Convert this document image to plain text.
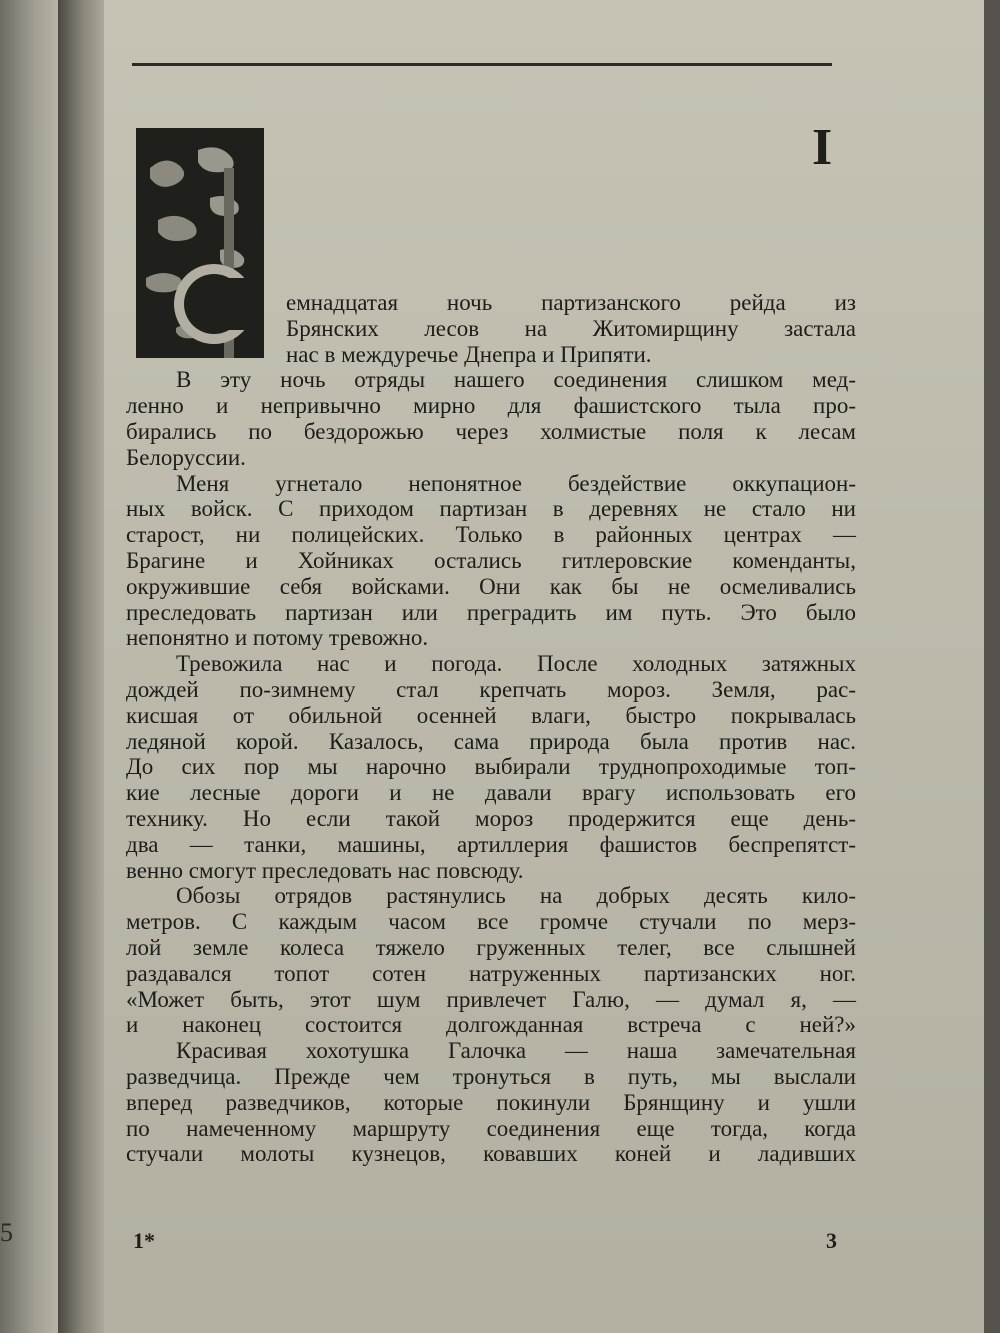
5
I

емнадцатая ночь партизанского рейда из

Брянских лесов на Житомирщину застала

нас в междуречье Днепра и Припяти.

В эту ночь отряды нашего соединения слишком мед-

ленно и непривычно мирно для фашистского тыла про-

бирались по бездорожью через холмистые поля к лесам

Белоруссии.

Меня угнетало непонятное бездействие оккупацион-

ных войск. С приходом партизан в деревнях не стало ни

старост, ни полицейских. Только в районных центрах —

Брагине и Хойниках остались гитлеровские коменданты,

окружившие себя войсками. Они как бы не осмеливались

преследовать партизан или преградить им путь. Это было

непонятно и потому тревожно.

Тревожила нас и погода. После холодных затяжных

дождей по-зимнему стал крепчать мороз. Земля, рас-

кисшая от обильной осенней влаги, быстро покрывалась

ледяной корой. Казалось, сама природа была против нас.

До сих пор мы нарочно выбирали труднопроходимые топ-

кие лесные дороги и не давали врагу использовать его

технику. Но если такой мороз продержится еще день-

два — танки, машины, артиллерия фашистов беспрепятст-

венно смогут преследовать нас повсюду.

Обозы отрядов растянулись на добрых десять кило-

метров. С каждым часом все громче стучали по мерз-

лой земле колеса тяжело груженных телег, все слышней

раздавался топот сотен натруженных партизанских ног.

«Может быть, этот шум привлечет Галю, — думал я, —

и наконец состоится долгожданная встреча с ней?»

Красивая хохотушка Галочка — наша замечательная

разведчица. Прежде чем тронуться в путь, мы выслали

вперед разведчиков, которые покинули Брянщину и ушли

по намеченному маршруту соединения еще тогда, когда

стучали молоты кузнецов, ковавших коней и ладивших

1*	3
